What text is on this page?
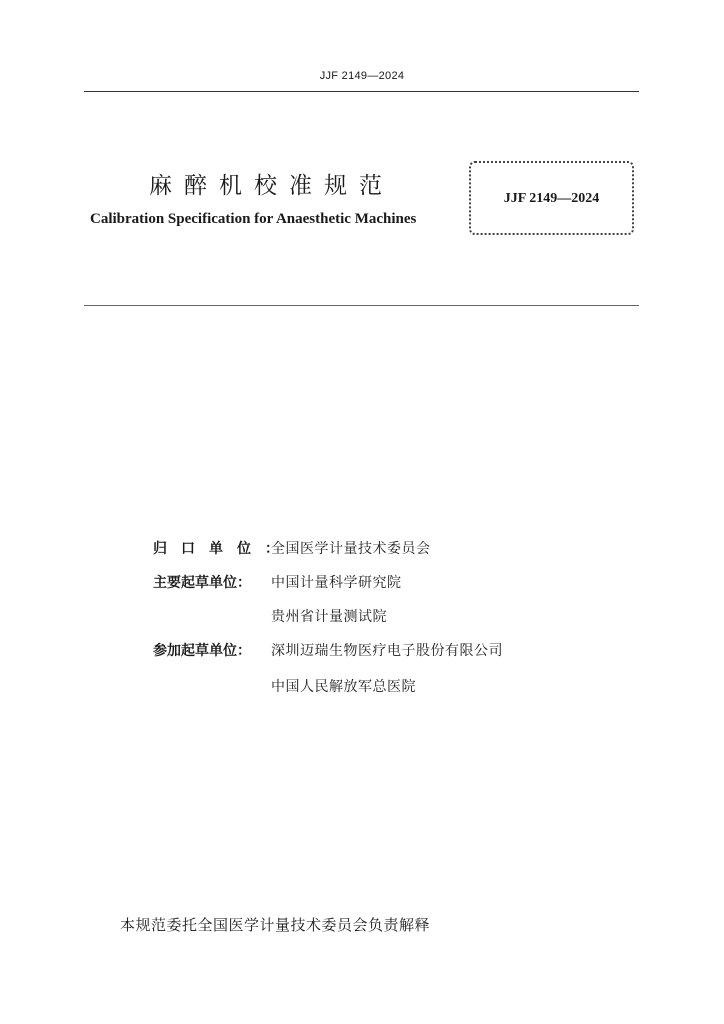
JJF 2149—2024
麻醉机校准规范
Calibration Specification for Anaesthetic Machines
JJF 2149—2024
归口单位：全国医学计量技术委员会
主要起草单位： 中国计量科学研究院
贵州省计量测试院
参加起草单位： 深圳迈瑞生物医疗电子股份有限公司
中国人民解放军总医院
本规范委托全国医学计量技术委员会负责解释
